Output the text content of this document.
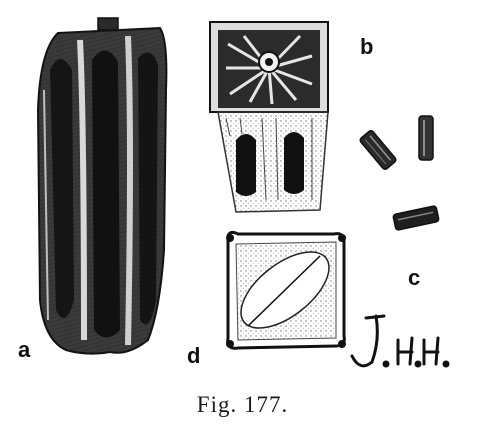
a
b
c
d
Fig. 177.
